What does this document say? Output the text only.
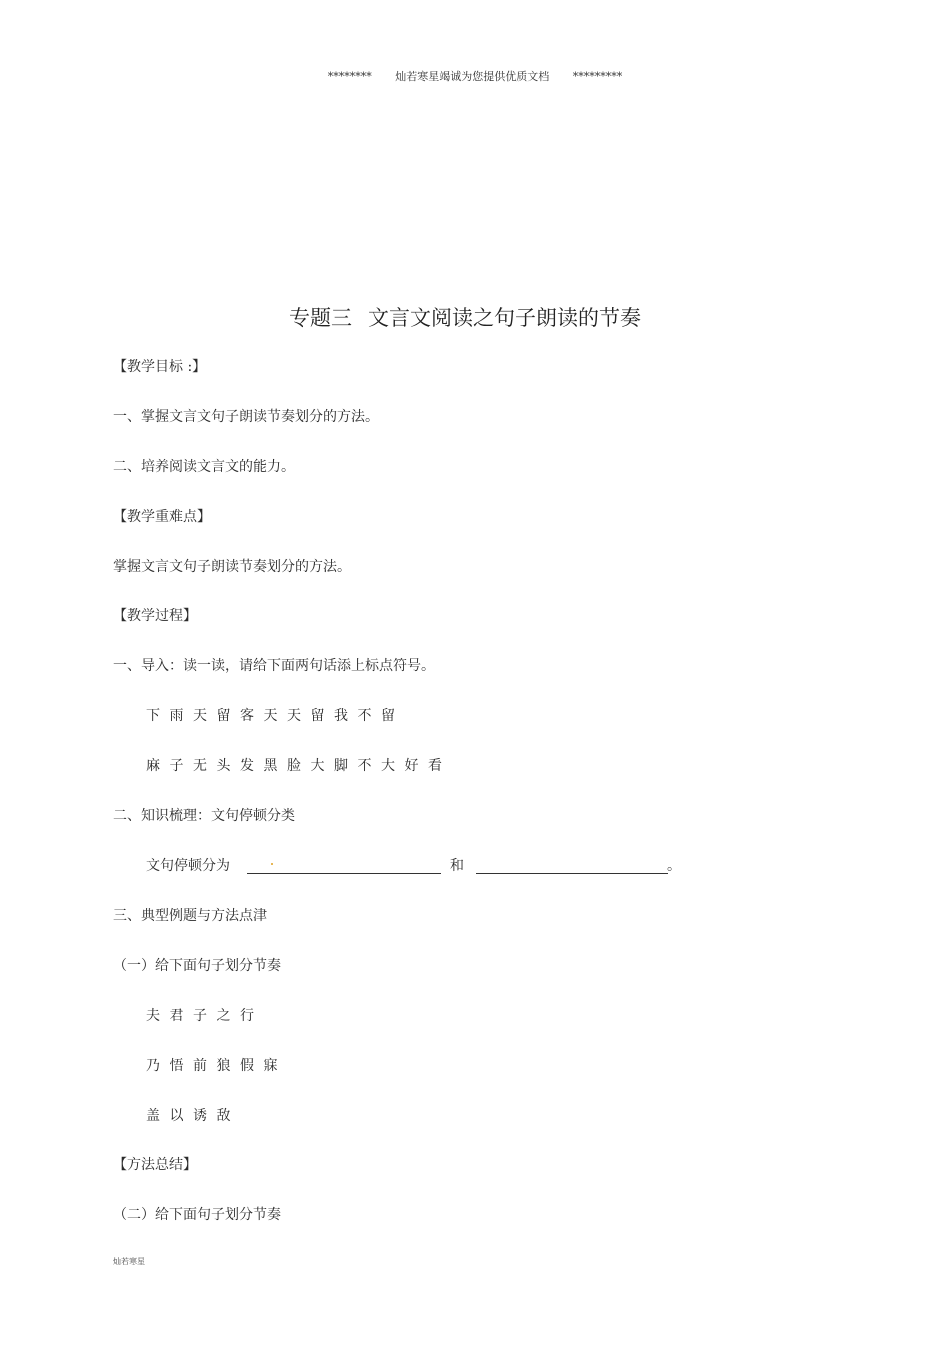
******** 灿若寒星竭诚为您提供优质文档 *********
专题三 文言文阅读之句子朗读的节奏
【教学目标 :】
一、掌握文言文句子朗读节奏划分的方法。
二、培养阅读文言文的能力。
【教学重难点】
掌握文言文句子朗读节奏划分的方法。
【教学过程】
一、导入：读一读，请给下面两句话添上标点符号。
下雨天留客天天留我不留
麻子无头发黑脸大脚不大好看
二、知识梳理：文句停顿分类
文句停顿分为	和	。
三、典型例题与方法点津
（一）给下面句子划分节奏
夫君子之行
乃悟前狼假寐
盖以诱敌
【方法总结】
（二）给下面句子划分节奏
灿若寒星
